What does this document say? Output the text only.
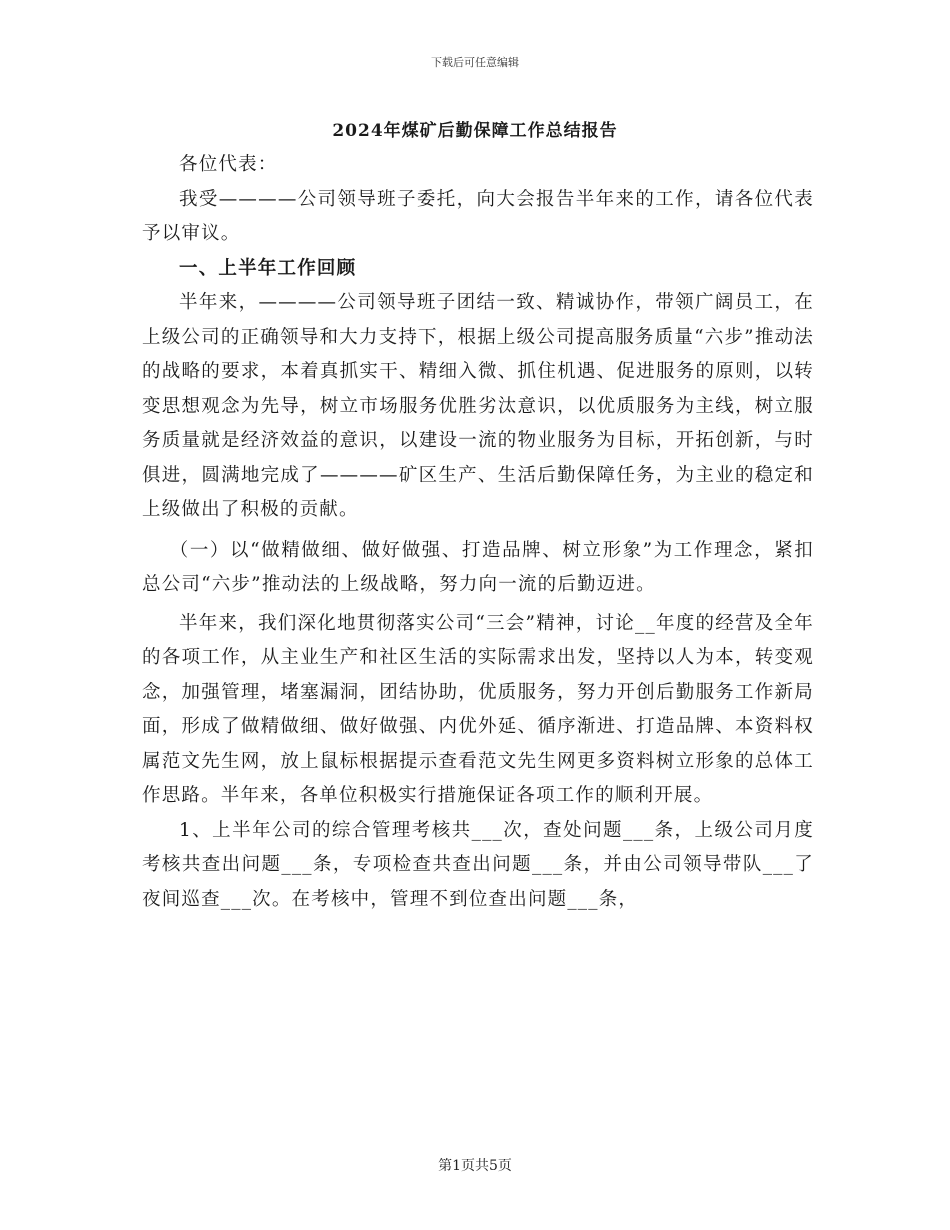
下载后可任意编辑
2024年煤矿后勤保障工作总结报告

各位代表：

我受————公司领导班子委托，向大会报告半年来的工作，请各位代表予以审议。

一、上半年工作回顾

半年来，————公司领导班子团结一致、精诚协作，带领广阔员工，在上级公司的正确领导和大力支持下，根据上级公司提高服务质量“六步”推动法的战略的要求，本着真抓实干、精细入微、抓住机遇、促进服务的原则，以转变思想观念为先导，树立市场服务优胜劣汰意识，以优质服务为主线，树立服务质量就是经济效益的意识，以建设一流的物业服务为目标，开拓创新，与时俱进，圆满地完成了————矿区生产、生活后勤保障任务，为主业的稳定和上级做出了积极的贡献。

（一）以“做精做细、做好做强、打造品牌、树立形象”为工作理念，紧扣总公司“六步”推动法的上级战略，努力向一流的后勤迈进。

半年来，我们深化地贯彻落实公司“三会”精神，讨论__年度的经营及全年的各项工作，从主业生产和社区生活的实际需求出发，坚持以人为本，转变观念，加强管理，堵塞漏洞，团结协助，优质服务，努力开创后勤服务工作新局面，形成了做精做细、做好做强、内优外延、循序渐进、打造品牌、本资料权属范文先生网，放上鼠标根据提示查看范文先生网更多资料树立形象的总体工作思路。半年来，各单位积极实行措施保证各项工作的顺利开展。

1、上半年公司的综合管理考核共___次，查处问题___条，上级公司月度考核共查出问题___条，专项检查共查出问题___条，并由公司领导带队___了夜间巡查___次。在考核中，管理不到位查出问题___条，

第1页共5页
